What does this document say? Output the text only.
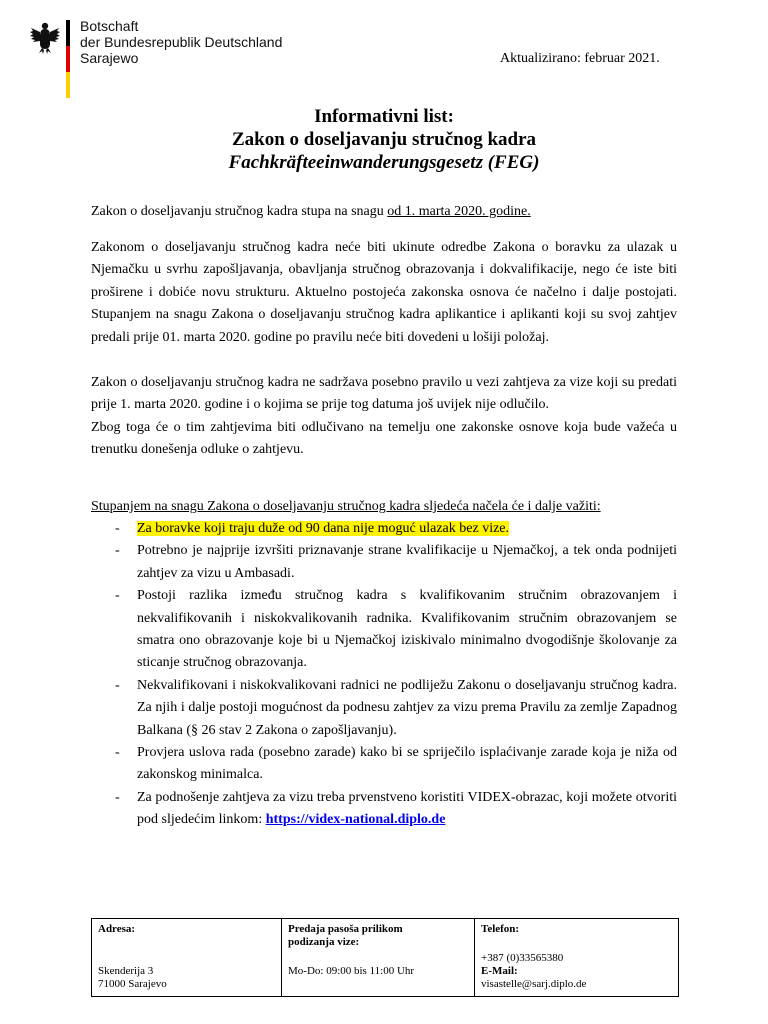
Botschaft
der Bundesrepublik Deutschland
Sarajewo	Aktualizirano: februar 2021.
Informativni list:
Zakon o doseljavanju stručnog kadra
Fachkräfteeinwanderungsgesetz (FEG)
Zakon o doseljavanju stručnog kadra stupa na snagu od 1. marta 2020. godine.
Zakonom o doseljavanju stručnog kadra neće biti ukinute odredbe Zakona o boravku za ulazak u Njemačku u svrhu zapošljavanja, obavljanja stručnog obrazovanja i dokvalifikacije, nego će iste biti proširene i dobiće novu strukturu. Aktuelno postojeća zakonska osnova će načelno i dalje postojati. Stupanjem na snagu Zakona o doseljavanju stručnog kadra aplikantice i aplikanti koji su svoj zahtjev predali prije 01. marta 2020. godine po pravilu neće biti dovedeni u lošiji položaj.
Zakon o doseljavanju stručnog kadra ne sadržava posebno pravilo u vezi zahtjeva za vize koji su predati prije 1. marta 2020. godine i o kojima se prije tog datuma još uvijek nije odlučilo.
Zbog toga će o tim zahtjevima biti odlučivano na temelju one zakonske osnove koja bude važeća u trenutku donešenja odluke o zahtjevu.
Stupanjem na snagu Zakona o doseljavanju stručnog kadra sljedeća načela će i dalje važiti:
- Za boravke koji traju duže od 90 dana nije moguć ulazak bez vize.
- Potrebno je najprije izvršiti priznavanje strane kvalifikacije u Njemačkoj, a tek onda podnijeti zahtjev za vizu u Ambasadi.
- Postoji razlika između stručnog kadra s kvalifikovanim stručnim obrazovanjem i nekvalifikovanih i niskokvalikovanih radnika. Kvalifikovanim stručnim obrazovanjem se smatra ono obrazovanje koje bi u Njemačkoj iziskivalo minimalno dvogodišnje školovanje za sticanje stručnog obrazovanja.
- Nekvalifikovani i niskokvalikovani radnici ne podliježu Zakonu o doseljavanju stručnog kadra. Za njih i dalje postoji mogućnost da podnesu zahtjev za vizu prema Pravilu za zemlje Zapadnog Balkana (§ 26 stav 2 Zakona o zapošljavanju).
- Provjera uslova rada (posebno zarade) kako bi se spriječilo isplaćivanje zarade koja je niža od zakonskog minimalca.
- Za podnošenje zahtjeva za vizu treba prvenstveno koristiti VIDEX-obrazac, koji možete otvoriti pod sljedećim linkom: https://videx-national.diplo.de
Adresa:
Skenderija 3
71000 Sarajevo
Predaja pasoša prilikom
podizanja vize:
Mo-Do: 09:00 bis 11:00 Uhr
Telefon:
+387 (0)33565380
E-Mail:
visastelle@sarj.diplo.de
